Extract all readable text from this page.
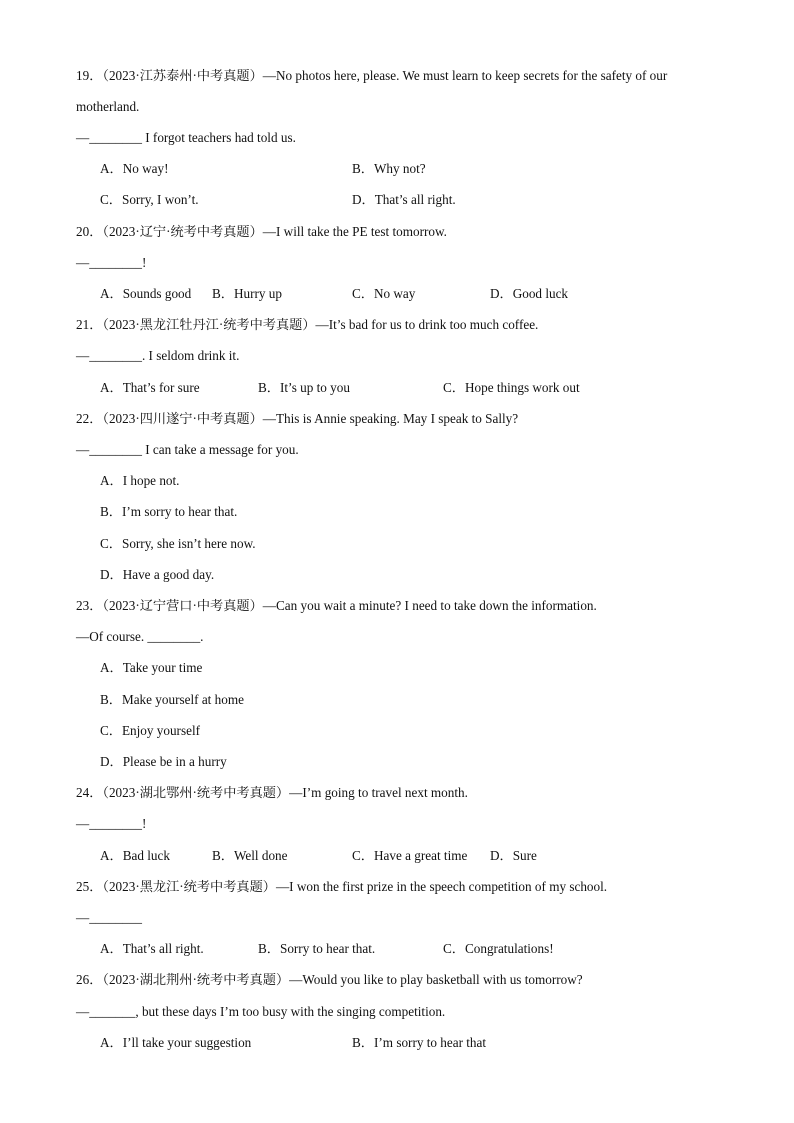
19．（2023·江苏泰州·中考真题）—No photos here, please. We must learn to keep secrets for the safety of our
motherland.
—________ I forgot teachers had told us.
A．No way!	B．Why not?
C．Sorry, I won’t.	D．That’s all right.
20．（2023·辽宁·统考中考真题）—I will take the PE test tomorrow.
—________!
A．Sounds good B．Hurry up	C．No way	D．Good luck
21．（2023·黑龙江牡丹江·统考中考真题）—It’s bad for us to drink too much coffee.
—________. I seldom drink it.
A．That’s for sure	B．It’s up to you	C．Hope things work out
22．（2023·四川遂宁·中考真题）—This is Annie speaking. May I speak to Sally?
—________ I can take a message for you.
A．I hope not.
B．I’m sorry to hear that.
C．Sorry, she isn’t here now.
D．Have a good day.
23．（2023·辽宁营口·中考真题）—Can you wait a minute? I need to take down the information.
—Of course. ________.
A．Take your time
B．Make yourself at home
C．Enjoy yourself
D．Please be in a hurry
24．（2023·湖北鄂州·统考中考真题）—I’m going to travel next month.
—________!
A．Bad luck	B．Well done	C．Have a great time D．Sure
25．（2023·黑龙江·统考中考真题）—I won the first prize in the speech competition of my school.
—________
A．That’s all right.	B．Sorry to hear that.	C．Congratulations!
26．（2023·湖北荆州·统考中考真题）—Would you like to play basketball with us tomorrow?
—_______, but these days I’m too busy with the singing competition.
A．I’ll take your suggestion	B．I’m sorry to hear that
